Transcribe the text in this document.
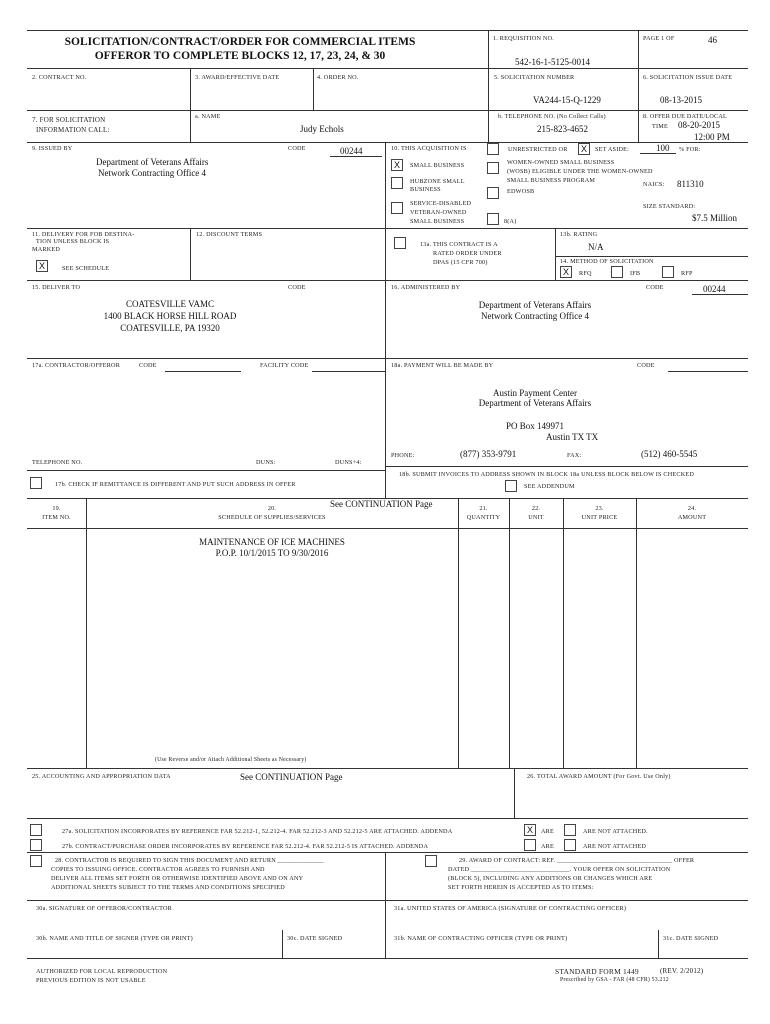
SOLICITATION/CONTRACT/ORDER FOR COMMERCIAL ITEMS
OFFEROR TO COMPLETE BLOCKS 12, 17, 23, 24, & 30
1. REQUISITION NO.
542-16-1-5125-0014
PAGE 1 OF	46
2. CONTRACT NO.	3. AWARD/EFFECTIVE DATE	4. ORDER NO.	5. SOLICITATION NUMBER
VA244-15-Q-1229
6. SOLICITATION ISSUE DATE
08-13-2015
7. FOR SOLICITATION
INFORMATION CALL:
a. NAME
Judy Echols
b. TELEPHONE NO. (No Collect Calls)
215-823-4652
8. OFFER DUE DATE/LOCAL
TIME 08-20-2015
12:00 PM
9. ISSUED BY	CODE	00244
Department of Veterans Affairs
Network Contracting Office 4
10. THIS ACQUISITION IS	UNRESTRICTED OR	X	SET ASIDE:	100 % FOR:
X	SMALL BUSINESS
HUBZONE SMALL
BUSINESS
SERVICE-DISABLED
VETERAN-OWNED
SMALL BUSINESS
WOMEN-OWNED SMALL BUSINESS
(WOSB) ELIGIBLE UNDER THE WOMEN-OWNED
SMALL BUSINESS PROGRAM
EDWOSB
8(A)
NAICS: 811310
SIZE STANDARD:
$7.5 Million
11. DELIVERY FOR FOB DESTINA-
TION UNLESS BLOCK IS
MARKED
X	SEE SCHEDULE
12. DISCOUNT TERMS
13a. THIS CONTRACT IS A
RATED ORDER UNDER
DPAS (15 CFR 700)
13b. RATING
N/A
14. METHOD OF SOLICITATION
X	RFQ	IFB	RFP
15. DELIVER TO	CODE
COATESVILLE VAMC
1400 BLACK HORSE HILL ROAD
COATESVILLE, PA 19320
16. ADMINISTERED BY	CODE	00244
Department of Veterans Affairs
Network Contracting Office 4
17a. CONTRACTOR/OFFEROR	CODE	FACILITY CODE
TELEPHONE NO.	DUNS:	DUNS+4:
17b. CHECK IF REMITTANCE IS DIFFERENT AND PUT SUCH ADDRESS IN OFFER
18a. PAYMENT WILL BE MADE BY	CODE
Austin Payment Center
Department of Veterans Affairs
PO Box 149971
Austin TX TX
PHONE:	(877) 353-9791	FAX:	(512) 460-5545
18b. SUBMIT INVOICES TO ADDRESS SHOWN IN BLOCK 18a UNLESS BLOCK BELOW IS CHECKED
SEE ADDENDUM
See CONTINUATION Page
19.
ITEM NO.
20.
SCHEDULE OF SUPPLIES/SERVICES
21.
QUANTITY
22.
UNIT
23.
UNIT PRICE
24.
AMOUNT
MAINTENANCE OF ICE MACHINES
P.O.P. 10/1/2015 TO 9/30/2016
(Use Reverse and/or Attach Additional Sheets as Necessary)
25. ACCOUNTING AND APPROPRIATION DATA	See CONTINUATION Page	26. TOTAL AWARD AMOUNT (For Govt. Use Only)
27a. SOLICITATION INCORPORATES BY REFERENCE FAR 52.212-1, 52.212-4. FAR 52.212-3 AND 52.212-5 ARE ATTACHED. ADDENDA	X	ARE	ARE NOT ATTACHED.
27b. CONTRACT/PURCHASE ORDER INCORPORATES BY REFERENCE FAR 52.212-4. FAR 52.212-5 IS ATTACHED. ADDENDA	ARE	ARE NOT ATTACHED
28. CONTRACTOR IS REQUIRED TO SIGN THIS DOCUMENT AND RETURN ______________
COPIES TO ISSUING OFFICE. CONTRACTOR AGREES TO FURNISH AND
DELIVER ALL ITEMS SET FORTH OR OTHERWISE IDENTIFIED ABOVE AND ON ANY
ADDITIONAL SHEETS SUBJECT TO THE TERMS AND CONDITIONS SPECIFIED
29. AWARD OF CONTRACT: REF. ___________________________________ OFFER
DATED ______________________________. YOUR OFFER ON SOLICITATION
(BLOCK 5), INCLUDING ANY ADDITIONS OR CHANGES WHICH ARE
SET FORTH HEREIN IS ACCEPTED AS TO ITEMS:
30a. SIGNATURE OF OFFEROR/CONTRACTOR	31a. UNITED STATES OF AMERICA (SIGNATURE OF CONTRACTING OFFICER)
30b. NAME AND TITLE OF SIGNER (TYPE OR PRINT)	30c. DATE SIGNED	31b. NAME OF CONTRACTING OFFICER (TYPE OR PRINT)	31c. DATE SIGNED
AUTHORIZED FOR LOCAL REPRODUCTION
PREVIOUS EDITION IS NOT USABLE
STANDARD FORM 1449	(REV. 2/2012)
Prescribed by GSA - FAR (48 CFR) 53.212
